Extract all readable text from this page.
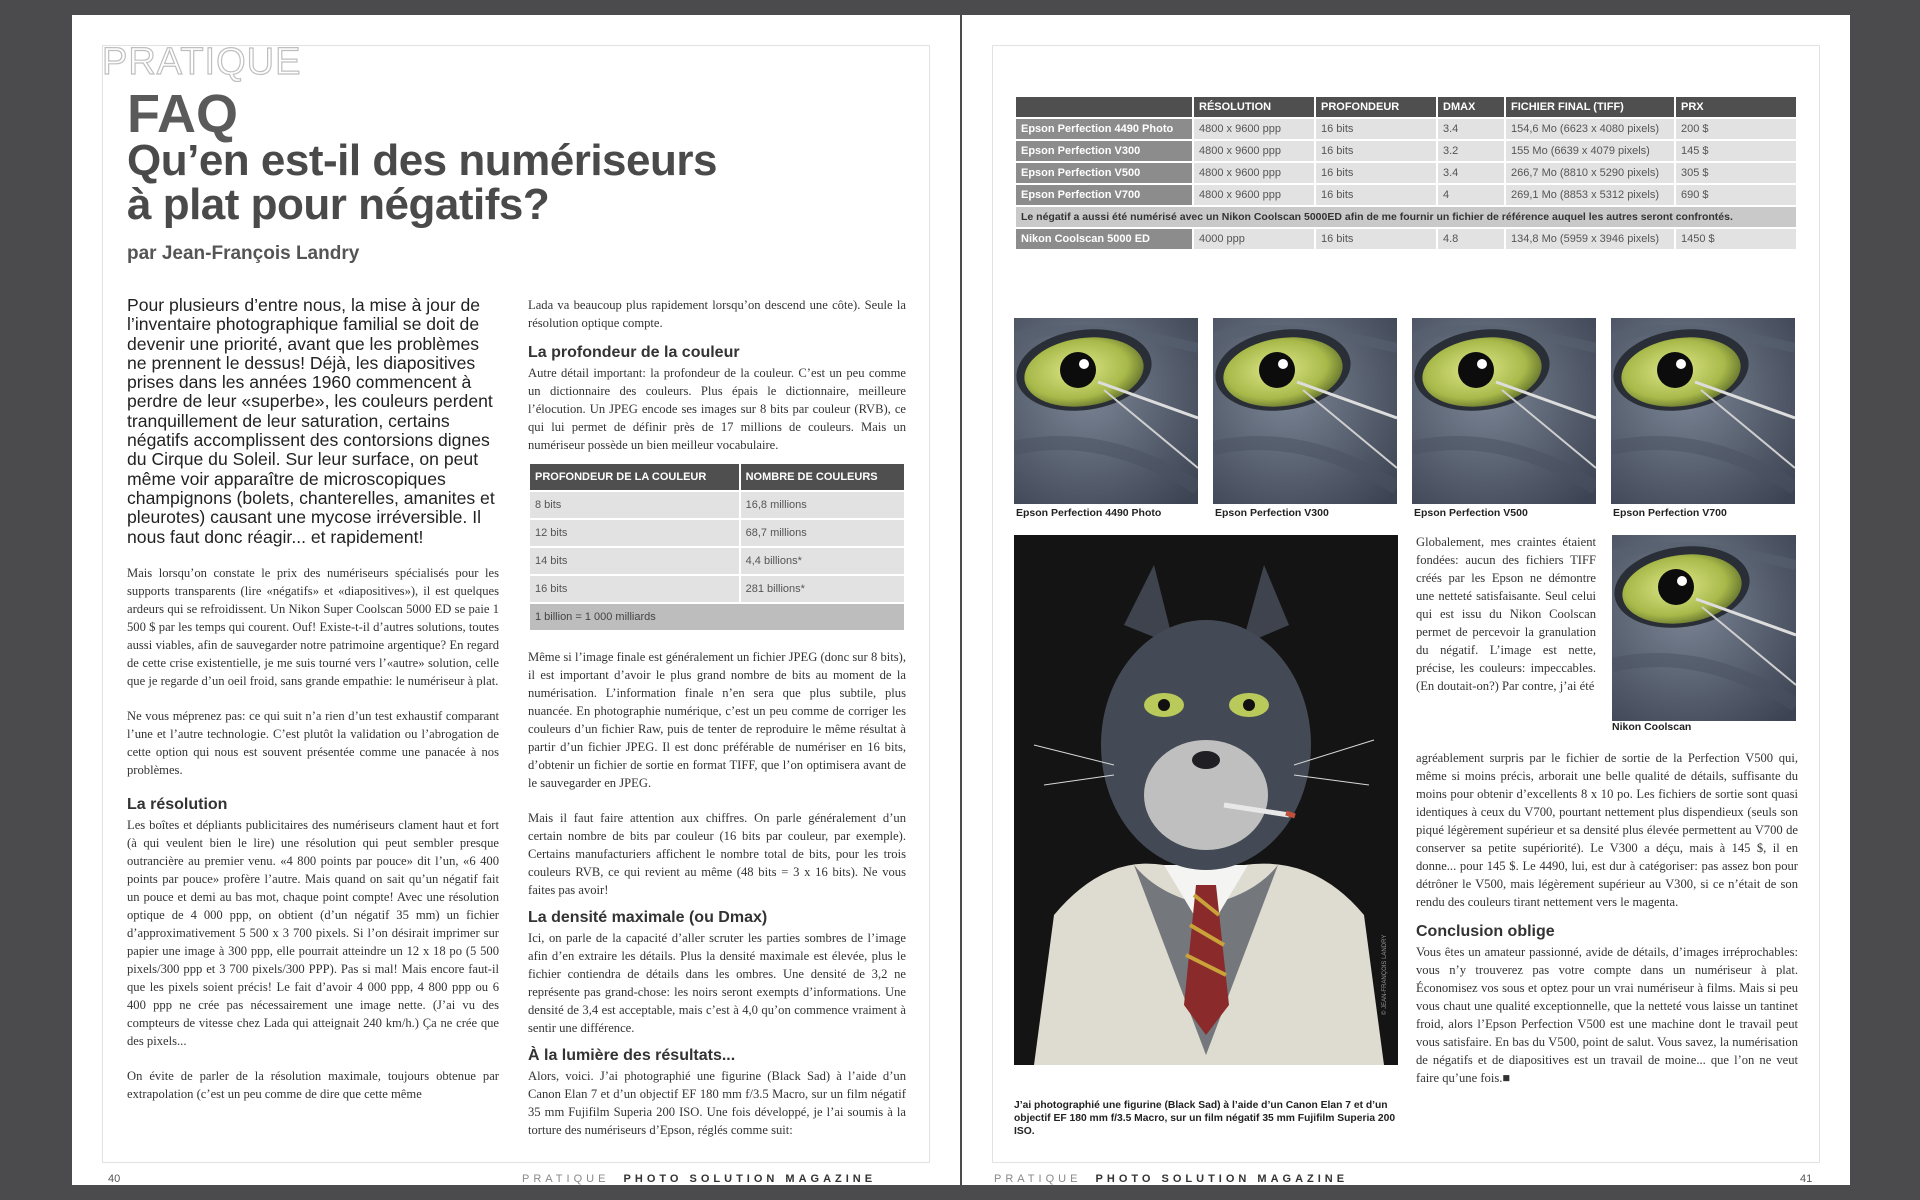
PRATIQUE
FAQ
Qu’en est-il des numériseurs
à plat pour négatifs?
par Jean-François Landry

Pour plusieurs d’entre nous, la mise à jour de l’inventaire photographique familial se doit de devenir une priorité, avant que les problèmes ne prennent le dessus! Déjà, les diapositives prises dans les années 1960 commencent à perdre de leur «superbe», les couleurs perdent tranquillement de leur saturation, certains négatifs accomplissent des contorsions dignes du Cirque du Soleil. Sur leur surface, on peut même voir apparaître de microscopiques champignons (bolets, chanterelles, amanites et pleurotes) causant une mycose irréversible. Il nous faut donc réagir... et rapidement!

Mais lorsqu’on constate le prix des numériseurs spécialisés pour les supports transparents (lire «négatifs» et «diapositives»), il est quelques ardeurs qui se refroidissent. Un Nikon Super Coolscan 5000 ED se paie 1 500 $ par les temps qui courent. Ouf! Existe-t-il d’autres solutions, toutes aussi viables, afin de sauvegarder notre patrimoine argentique? En regard de cette crise existentielle, je me suis tourné vers l’«autre» solution, celle que je regarde d’un oeil froid, sans grande empathie: le numériseur à plat.

Ne vous méprenez pas: ce qui suit n’a rien d’un test exhaustif comparant l’une et l’autre technologie. C’est plutôt la validation ou l’abrogation de cette option qui nous est souvent présentée comme une panacée à nos problèmes.

La résolution

Les boîtes et dépliants publicitaires des numériseurs clament haut et fort (à qui veulent bien le lire) une résolution qui peut sembler presque outrancière au premier venu. «4 800 points par pouce» dit l’un, «6 400 points par pouce» profère l’autre. Mais quand on sait qu’un négatif fait un pouce et demi au bas mot, chaque point compte! Avec une résolution optique de 4 000 ppp, on obtient (d’un négatif 35 mm) un fichier d’approximativement 5 500 x 3 700 pixels. Si l’on désirait imprimer sur papier une image à 300 ppp, elle pourrait atteindre un 12 x 18 po (5 500 pixels/300 ppp et 3 700 pixels/300 PPP). Pas si mal! Mais encore faut-il que les pixels soient précis! Le fait d’avoir 4 000 ppp, 4 800 ppp ou 6 400 ppp ne crée pas nécessairement une image nette. (J’ai vu des compteurs de vitesse chez Lada qui atteignait 240 km/h.) Ça ne crée que des pixels...

On évite de parler de la résolution maximale, toujours obtenue par extrapolation (c’est un peu comme de dire que cette même

Lada va beaucoup plus rapidement lorsqu’on descend une côte). Seule la résolution optique compte.

La profondeur de la couleur

Autre détail important: la profondeur de la couleur. C’est un peu comme un dictionnaire des couleurs. Plus épais le dictionnaire, meilleure l’élocution. Un JPEG encode ses images sur 8 bits par couleur (RVB), ce qui lui permet de définir près de 17 millions de couleurs. Mais un numériseur possède un bien meilleur vocabulaire.

PROFONDEUR DE LA COULEUR	NOMBRE DE COULEURS
8 bits	16,8 millions
12 bits	68,7 millions
14 bits	4,4 billions*
16 bits	281 billions*
1 billion = 1 000 milliards	

Même si l’image finale est généralement un fichier JPEG (donc sur 8 bits), il est important d’avoir le plus grand nombre de bits au moment de la numérisation. L’information finale n’en sera que plus subtile, plus nuancée. En photographie numérique, c’est un peu comme de corriger les couleurs d’un fichier Raw, puis de tenter de reproduire le même résultat à partir d’un fichier JPEG. Il est donc préférable de numériser en 16 bits, d’obtenir un fichier de sortie en format TIFF, que l’on optimisera avant de le sauvegarder en JPEG.

Mais il faut faire attention aux chiffres. On parle généralement d’un certain nombre de bits par couleur (16 bits par couleur, par exemple). Certains manufacturiers affichent le nombre total de bits, pour les trois couleurs RVB, ce qui revient au même (48 bits = 3 x 16 bits). Ne vous faites pas avoir!

La densité maximale (ou Dmax)

Ici, on parle de la capacité d’aller scruter les parties sombres de l’image afin d’en extraire les détails. Plus la densité maximale est élevée, plus le fichier contiendra de détails dans les ombres. Une densité de 3,2 ne représente pas grand-chose: les noirs seront exempts d’informations. Une densité de 3,4 est acceptable, mais c’est à 4,0 qu’on commence vraiment à sentir une différence.

À la lumière des résultats...

Alors, voici. J’ai photographié une figurine (Black Sad) à l’aide d’un Canon Elan 7 et d’un objectif EF 180 mm f/3.5 Macro, sur un film négatif 35 mm Fujifilm Superia 200 ISO. Une fois développé, je l’ai soumis à la torture des numériseurs d’Epson, réglés comme suit:

40	PRATIQUE PHOTO SOLUTION MAGAZINE
	RÉSOLUTION	PROFONDEUR	DMAX	FICHIER FINAL (TIFF)	PRX
Epson Perfection 4490 Photo	4800 x 9600 ppp	16 bits	3.4	154,6 Mo (6623 x 4080 pixels)	200 $
Epson Perfection V300	4800 x 9600 ppp	16 bits	3.2	155 Mo (6639 x 4079 pixels)	145 $
Epson Perfection V500	4800 x 9600 ppp	16 bits	3.4	266,7 Mo (8810 x 5290 pixels)	305 $
Epson Perfection V700	4800 x 9600 ppp	16 bits	4	269,1 Mo (8853 x 5312 pixels)	690 $
Le négatif a aussi été numérisé avec un Nikon Coolscan 5000ED afin de me fournir un fichier de référence auquel les autres seront confrontés.					
Nikon Coolscan 5000 ED	4000 ppp	16 bits	4.8	134,8 Mo (5959 x 3946 pixels)	1450 $
Epson Perfection 4490 Photo	Epson Perfection V300	Epson Perfection V500	Epson Perfection V700
© JEAN-FRANÇOIS LANDRY
J’ai photographié une figurine (Black Sad) à l’aide d’un Canon Elan 7 et d’un objectif EF 180 mm f/3.5 Macro, sur un film négatif 35 mm Fujifilm Superia 200 ISO.
Nikon Coolscan

Globalement, mes craintes étaient fondées: aucun des fichiers TIFF créés par les Epson ne démontre une netteté satisfaisante. Seul celui qui est issu du Nikon Coolscan permet de percevoir la granulation du négatif. L’image est nette, précise, les couleurs: impeccables. (En doutait-on?) Par contre, j’ai été

agréablement surpris par le fichier de sortie de la Perfection V500 qui, même si moins précis, arborait une belle qualité de détails, suffisante du moins pour obtenir d’excellents 8 x 10 po. Les fichiers de sortie sont quasi identiques à ceux du V700, pourtant nettement plus dispendieux (seuls son piqué légèrement supérieur et sa densité plus élevée permettent au V700 de conserver sa petite supériorité). Le V300 a déçu, mais à 145 $, il en donne... pour 145 $. Le 4490, lui, est dur à catégoriser: pas assez bon pour détrôner le V500, mais légèrement supérieur au V300, si ce n’était de son rendu des couleurs tirant nettement vers le magenta.

Conclusion oblige

Vous êtes un amateur passionné, avide de détails, d’images irréprochables: vous n’y trouverez pas votre compte dans un numériseur à plat. Économisez vos sous et optez pour un vrai numériseur à films. Mais si peu vous chaut une qualité exceptionnelle, que la netteté vous laisse un tantinet froid, alors l’Epson Perfection V500 est une machine dont le travail peut vous satisfaire. En bas du V500, point de salut. Vous savez, la numérisation de négatifs et de diapositives est un travail de moine... que l’on ne veut faire qu’une fois.■

PRATIQUE PHOTO SOLUTION MAGAZINE	41
